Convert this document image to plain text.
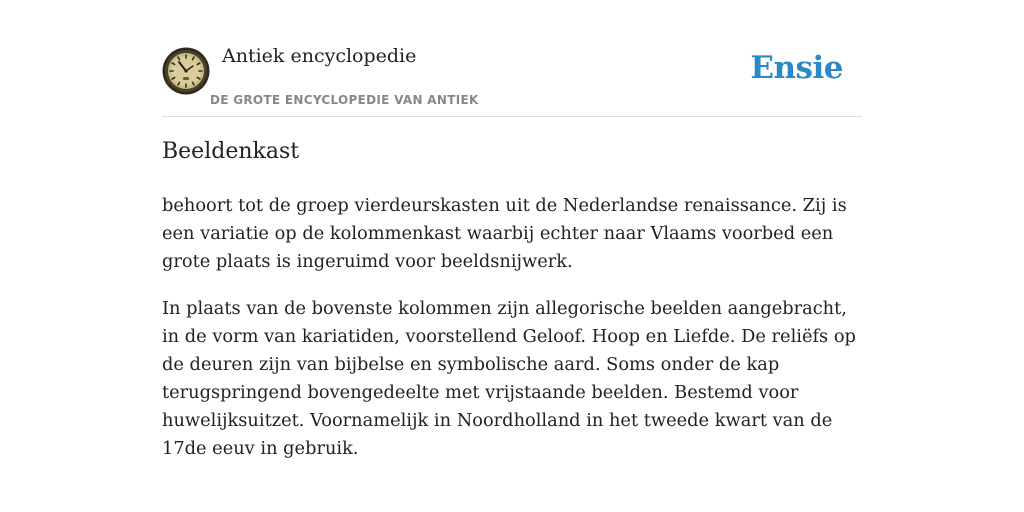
Antiek encyclopedie
DE GROTE ENCYCLOPEDIE VAN ANTIEK
Ensie
Beeldenkast

behoort tot de groep vierdeurskasten uit de Nederlandse renaissance. Zij is een variatie op de kolommenkast waarbij echter naar Vlaams voorbed een grote plaats is ingeruimd voor beeldsnijwerk.

In plaats van de bovenste kolommen zijn allegorische beelden aangebracht, in de vorm van kariatiden, voorstellend Geloof. Hoop en Liefde. De reliëfs op de deuren zijn van bijbelse en symbolische aard. Soms onder de kap terugspringend bovengedeelte met vrijstaande beelden. Bestemd voor huwelijksuitzet. Voornamelijk in Noordholland in het tweede kwart van de 17de eeuv in gebruik.
